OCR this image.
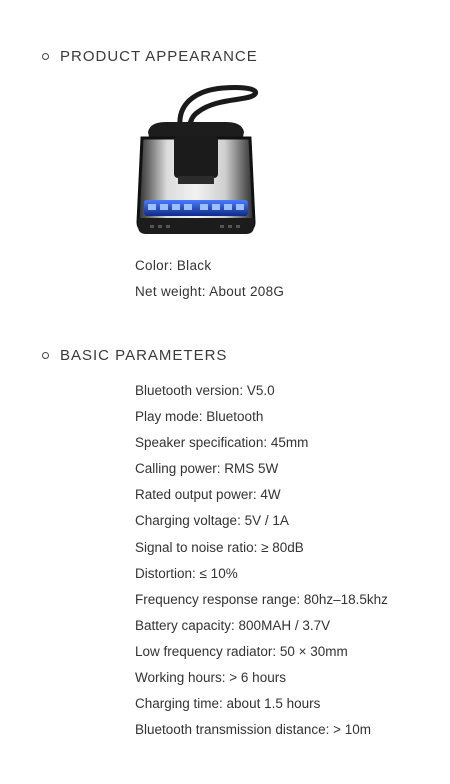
PRODUCT APPEARANCE
Color: Black
Net weight: About 208G
BASIC PARAMETERS
Bluetooth version: V5.0
Play mode: Bluetooth
Speaker specification: 45mm
Calling power: RMS 5W
Rated output power: 4W
Charging voltage: 5V / 1A
Signal to noise ratio: ≥ 80dB
Distortion: ≤ 10%
Frequency response range: 80hz–18.5khz
Battery capacity: 800MAH / 3.7V
Low frequency radiator: 50 × 30mm
Working hours: > 6 hours
Charging time: about 1.5 hours
Bluetooth transmission distance: > 10m
